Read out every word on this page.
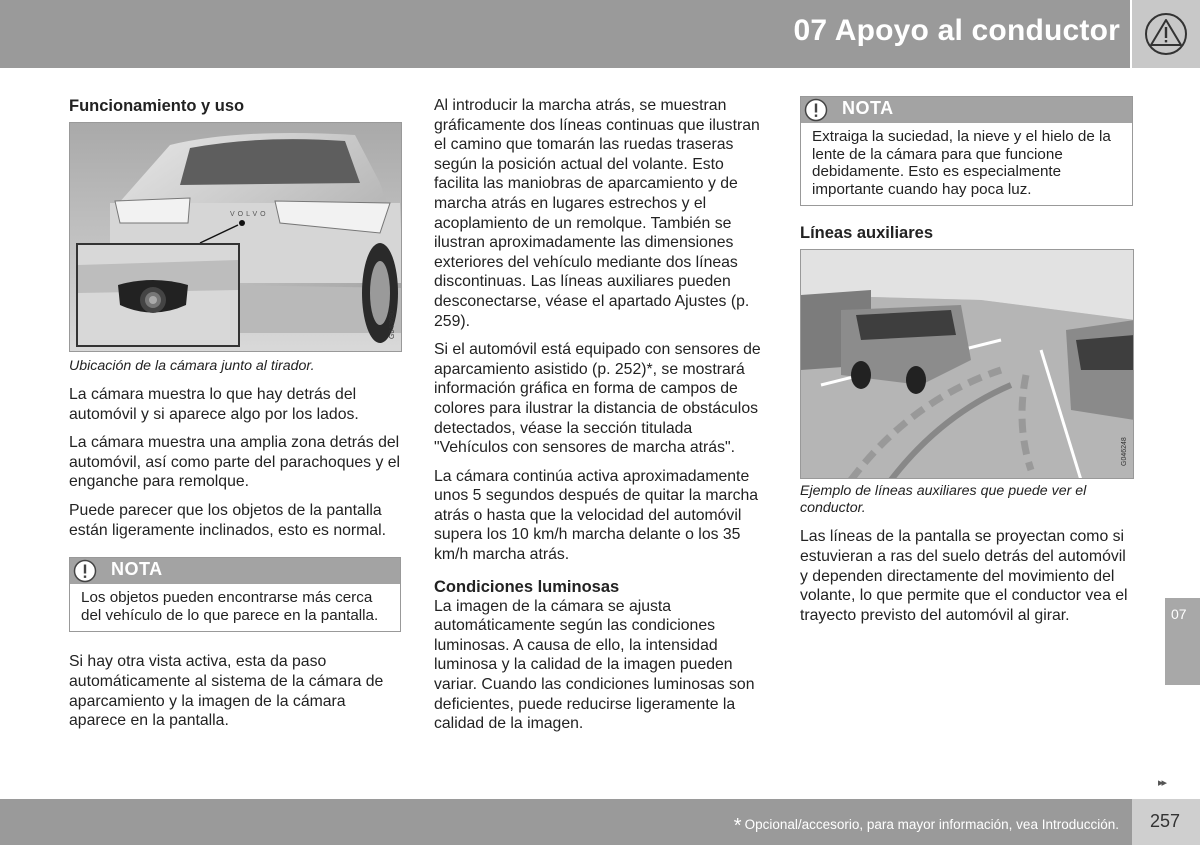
07 Apoyo al conductor
Funcionamiento y uso
VOLVO
G043690
Ubicación de la cámara junto al tirador.

La cámara muestra lo que hay detrás del automóvil y si aparece algo por los lados.

La cámara muestra una amplia zona detrás del automóvil, así como parte del parachoques y el enganche para remolque.

Puede parecer que los objetos de la pantalla están ligeramente inclinados, esto es normal.

NOTA
Los objetos pueden encontrarse más cerca del vehículo de lo que parece en la pantalla.

Si hay otra vista activa, esta da paso automáticamente al sistema de la cámara de aparcamiento y la imagen de la cámara aparece en la pantalla.

Al introducir la marcha atrás, se muestran gráficamente dos líneas continuas que ilustran el camino que tomarán las ruedas traseras según la posición actual del volante. Esto facilita las maniobras de aparcamiento y de marcha atrás en lugares estrechos y el acoplamiento de un remolque. También se ilustran aproximadamente las dimensiones exteriores del vehículo mediante dos líneas discontinuas. Las líneas auxiliares pueden desconectarse, véase el apartado Ajustes (p. 259).

Si el automóvil está equipado con sensores de aparcamiento asistido (p. 252)*, se mostrará información gráfica en forma de campos de colores para ilustrar la distancia de obstáculos detectados, véase la sección titulada "Vehículos con sensores de marcha atrás".

La cámara continúa activa aproximadamente unos 5 segundos después de quitar la marcha atrás o hasta que la velocidad del automóvil supera los 10 km/h marcha delante o los 35 km/h marcha atrás.

Condiciones luminosas

La imagen de la cámara se ajusta automáticamente según las condiciones luminosas. A causa de ello, la intensidad luminosa y la calidad de la imagen pueden variar. Cuando las condiciones luminosas son deficientes, puede reducirse ligeramente la calidad de la imagen.

NOTA
Extraiga la suciedad, la nieve y el hielo de la lente de la cámara para que funcione debidamente. Esto es especialmente importante cuando hay poca luz.
Líneas auxiliares
G046248
Ejemplo de líneas auxiliares que puede ver el conductor.

Las líneas de la pantalla se proyectan como si estuvieran a ras del suelo detrás del automóvil y dependen directamente del movimiento del volante, lo que permite que el conductor vea el trayecto previsto del automóvil al girar.	07
▸▸
* Opcional/accesorio, para mayor información, vea Introducción. 257
